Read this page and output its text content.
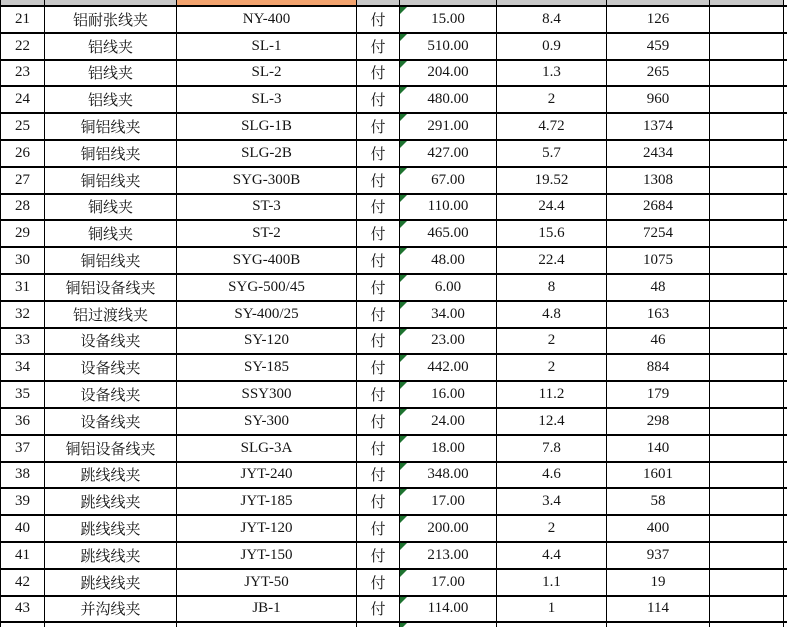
21	铝耐张线夹	NY-400	付	15.00	8.4	126
22	铝线夹	SL-1	付	510.00	0.9	459
23	铝线夹	SL-2	付	204.00	1.3	265
24	铝线夹	SL-3	付	480.00	2	960
25	铜铝线夹	SLG-1B	付	291.00	4.72	1374
26	铜铝线夹	SLG-2B	付	427.00	5.7	2434
27	铜铝线夹	SYG-300B	付	67.00	19.52	1308
28	铜线夹	ST-3	付	110.00	24.4	2684
29	铜线夹	ST-2	付	465.00	15.6	7254
30	铜铝线夹	SYG-400B	付	48.00	22.4	1075
31 铜铝设备线夹	SYG-500/45	付	6.00	8	48
32	铝过渡线夹	SY-400/25	付	34.00	4.8	163
33	设备线夹	SY-120	付	23.00	2	46
34	设备线夹	SY-185	付	442.00	2	884
35	设备线夹	SSY300	付	16.00	11.2	179
36	设备线夹	SY-300	付	24.00	12.4	298
37 铜铝设备线夹	SLG-3A	付	18.00	7.8	140
38	跳线线夹	JYT-240	付	348.00	4.6	1601
39	跳线线夹	JYT-185	付	17.00	3.4	58
40	跳线线夹	JYT-120	付	200.00	2	400
41	跳线线夹	JYT-150	付	213.00	4.4	937
42	跳线线夹	JYT-50	付	17.00	1.1	19
43	并沟线夹	JB-1	付	114.00	1	114
